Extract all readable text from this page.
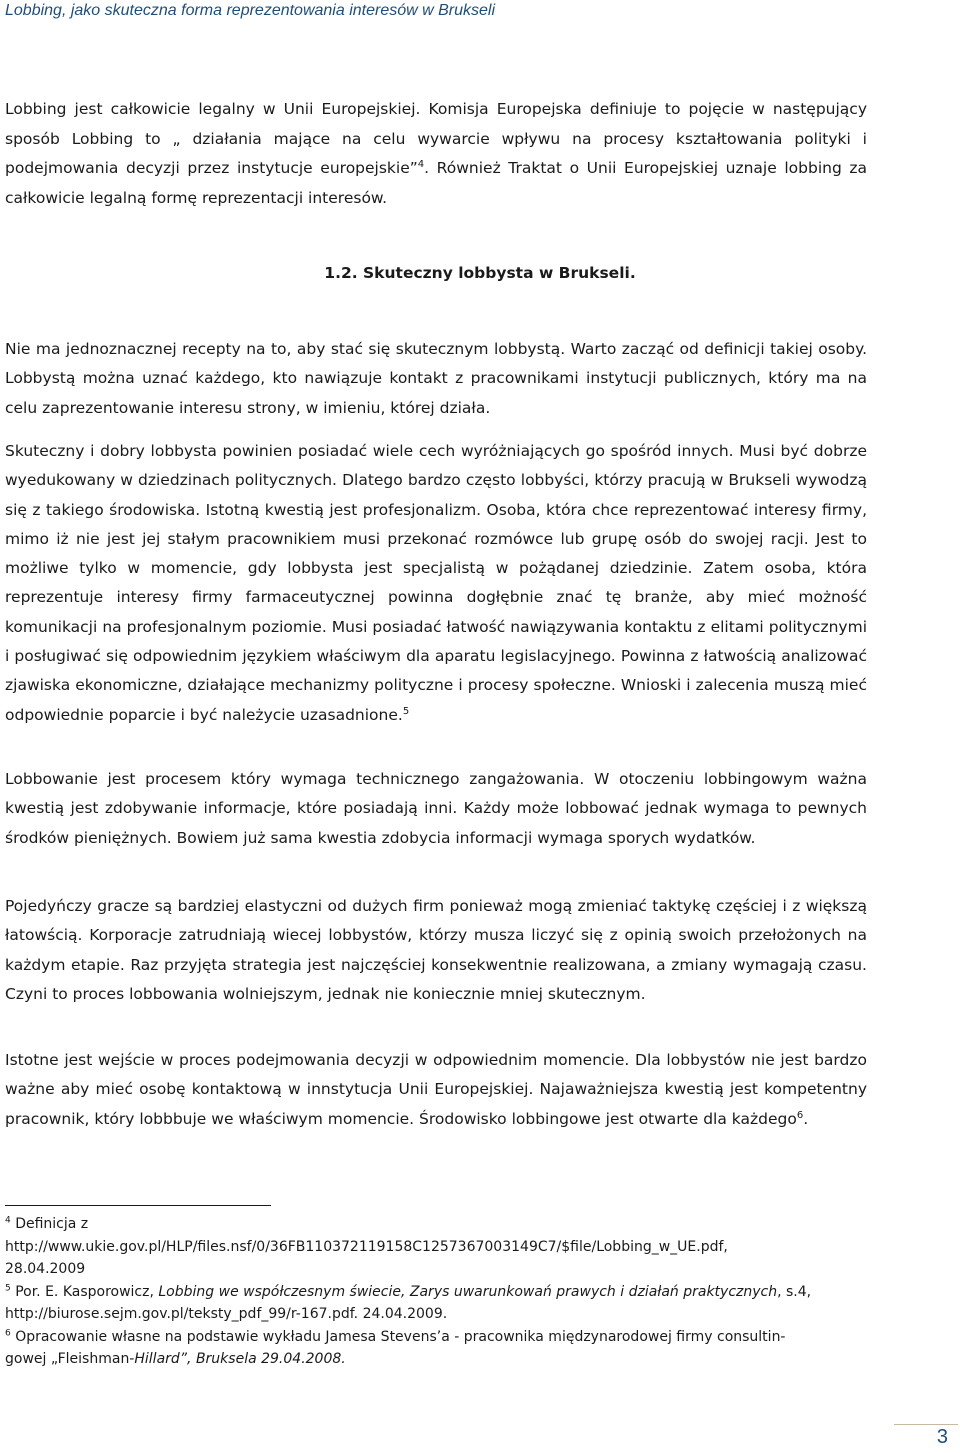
Lobbing, jako skuteczna forma reprezentowania interesów w Brukseli

Lobbing jest całkowicie legalny w Unii Europejskiej. Komisja Europejska definiuje to pojęcie w następujący sposób Lobbing to „ działania mające na celu wywarcie wpływu na procesy kształtowania polityki i podejmowania decyzji przez instytucje europejskie”$^4$. Również Traktat o Unii Europejskiej uznaje lobbing za całkowicie legalną formę reprezentacji interesów.

1.2. Skuteczny lobbysta w Brukseli.

Nie ma jednoznacznej recepty na to, aby stać się skutecznym lobbystą. Warto zacząć od definicji takiej osoby. Lobbystą można uznać każdego, kto nawiązuje kontakt z pracownikami instytucji publicznych, który ma na celu zaprezentowanie interesu strony, w imieniu, której działa.

Skuteczny i dobry lobbysta powinien posiadać wiele cech wyróżniających go spośród innych. Musi być dobrze wyedukowany w dziedzinach politycznych. Dlatego bardzo często lobbyści, którzy pracują w Brukseli wywodzą się z takiego środowiska. Istotną kwestią jest profesjonalizm. Osoba, która chce reprezentować interesy firmy, mimo iż nie jest jej stałym pracownikiem musi przekonać rozmówce lub grupę osób do swojej racji. Jest to możliwe tylko w momencie, gdy lobbysta jest specjalistą w pożądanej dziedzinie. Zatem osoba, która reprezentuje interesy firmy farmaceutycznej powinna dogłębnie znać tę branże, aby mieć możność komunikacji na profesjonalnym poziomie. Musi posiadać łatwość nawiązywania kontaktu z elitami politycznymi i posługiwać się odpowiednim językiem właściwym dla aparatu legislacyjnego. Powinna z łatwością analizować zjawiska ekonomiczne, działające mechanizmy polityczne i procesy społeczne. Wnioski i zalecenia muszą mieć odpowiednie poparcie i być należycie uzasadnione.$^5$

Lobbowanie jest procesem który wymaga technicznego zangażowania. W otoczeniu lobbingowym ważna kwestią jest zdobywanie informacje, które posiadają inni. Każdy może lobbować jednak wymaga to pewnych środków pieniężnych. Bowiem już sama kwestia zdobycia informacji wymaga sporych wydatków.

Pojedyńczy gracze są bardziej elastyczni od dużych firm ponieważ mogą zmieniać taktykę częściej i z większą łatowścią. Korporacje zatrudniają wiecej lobbystów, którzy musza liczyć się z opinią swoich przełożonych na każdym etapie. Raz przyjęta strategia jest najczęściej konsekwentnie realizowana, a zmiany wymagają czasu. Czyni to proces lobbowania wolniejszym, jednak nie koniecznie mniej skutecznym.

Istotne jest wejście w proces podejmowania decyzji w odpowiednim momencie. Dla lobbystów nie jest bardzo ważne aby mieć osobę kontaktową w innstytucja Unii Europejskiej. Najaważniejsza kwestią jest kompetentny pracownik, który lobbbuje we właściwym momencie. Środowisko lobbingowe jest otwarte dla każdego$^6$.

$^4$ Definicja z

http://www.ukie.gov.pl/HLP/files.nsf/0/36FB110372119158C1257367003149C7/$file/Lobbing_w_UE.pdf,

28.04.2009

$^5$ Por. E. Kasporowicz, Lobbing we współczesnym świecie, Zarys uwarunkowań prawych i działań praktycznych, s.4,

http://biurose.sejm.gov.pl/teksty_pdf_99/r-167.pdf. 24.04.2009.

$^6$ Opracowanie własne na podstawie wykładu Jamesa Stevens’a - pracownika międzynarodowej firmy consultin-

gowej „Fleishman-Hillard”, Bruksela 29.04.2008.

3
